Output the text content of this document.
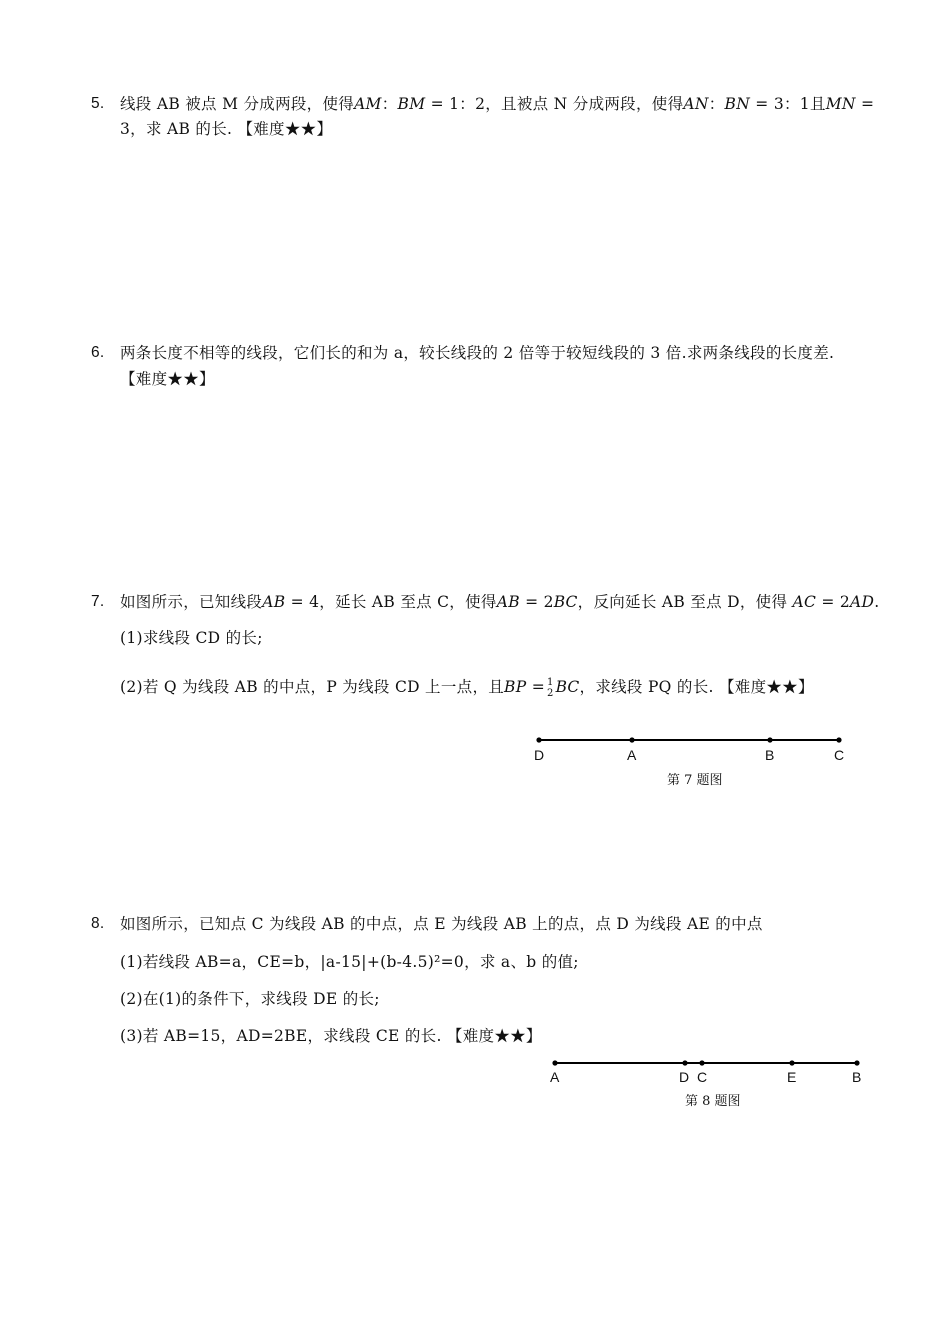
5. 线段 AB 被点 M 分成两段，使得𝐴𝑀：𝐵𝑀 = 1：2，且被点 N 分成两段，使得𝐴𝑁：𝐵𝑁 = 3：1且𝑀𝑁 =
3，求 AB 的长. 【难度★★】
6. 两条长度不相等的线段，它们长的和为 a，较长线段的 2 倍等于较短线段的 3 倍.求两条线段的长度差.
【难度★★】
7. 如图所示，已知线段𝐴𝐵 = 4，延长 AB 至点 C，使得𝐴𝐵 = 2𝐵𝐶，反向延长 AB 至点 D，使得 𝐴𝐶 = 2𝐴𝐷.
(1)求线段 CD 的长;
(2)若 Q 为线段 AB 的中点，P 为线段 CD 上一点，且𝐵𝑃 = 1
2 𝐵𝐶，求线段 PQ 的长. 【难度★★】
D	A	B	C
第 7 题图
8. 如图所示，已知点 C 为线段 AB 的中点，点 E 为线段 AB 上的点，点 D 为线段 AE 的中点
(1)若线段 AB=a，CE=b，|a-15|+(b-4.5)²=0，求 a、b 的值;
(2)在(1)的条件下，求线段 DE 的长;
(3)若 AB=15，AD=2BE，求线段 CE 的长. 【难度★★】
A	D C	E	B
第 8 题图
